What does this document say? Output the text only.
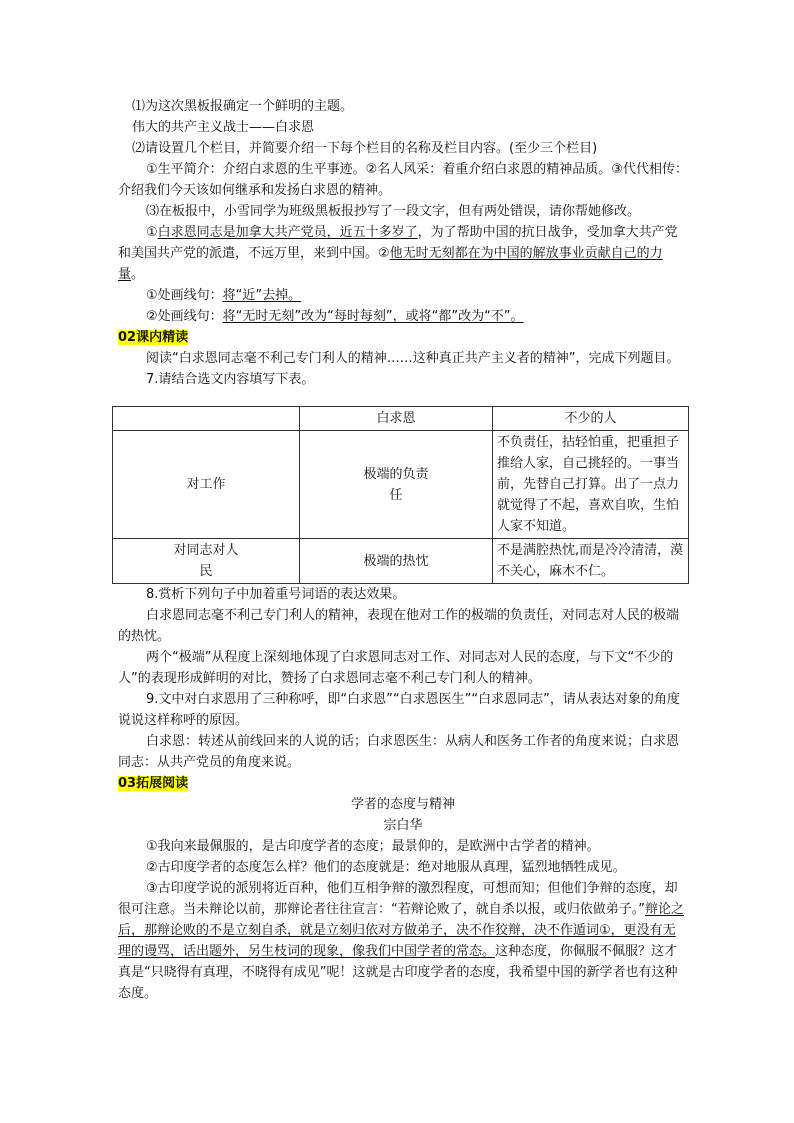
⑴为这次黑板报确定一个鲜明的主题。

伟大的共产主义战士——白求恩

⑵请设置几个栏目，并简要介绍一下每个栏目的名称及栏目内容。(至少三个栏目)

①生平简介：介绍白求恩的生平事迹。②名人风采：着重介绍白求恩的精神品质。③代代相传：介绍我们今天该如何继承和发扬白求恩的精神。

⑶在板报中，小雪同学为班级黑板报抄写了一段文字，但有两处错误，请你帮她修改。

①白求恩同志是加拿大共产党员，近五十多岁了，为了帮助中国的抗日战争，受加拿大共产党和美国共产党的派遣，不远万里，来到中国。②他无时无刻都在为中国的解放事业贡献自己的力量。

①处画线句：将“近”去掉。

②处画线句：将“无时无刻”改为“每时每刻”，或将“都”改为“不”。

02课内精读

阅读“白求恩同志毫不利己专门利人的精神……这种真正共产主义者的精神”，完成下列题目。

7.请结合选文内容填写下表。

	白求恩	不少的人
对工作	极端的负责任	不负责任，拈轻怕重，把重担子推给人家，自己挑轻的。一事当前，先替自己打算。出了一点力就觉得了不起，喜欢自吹，生怕人家不知道。

对同志对人民	极端的热忱	不是满腔热忱,而是冷冷清清，漠不关心，麻木不仁。

8.赏析下列句子中加着重号词语的表达效果。

白求恩同志毫不利己专门利人的精神，表现在他对工作的极端的负责任，对同志对人民的极端的热忱。

两个“极端”从程度上深刻地体现了白求恩同志对工作、对同志对人民的态度，与下文“不少的人”的表现形成鲜明的对比，赞扬了白求恩同志毫不利己专门利人的精神。

9.文中对白求恩用了三种称呼，即“白求恩”“白求恩医生”“白求恩同志”，请从表达对象的角度说说这样称呼的原因。

白求恩：转述从前线回来的人说的话；白求恩医生：从病人和医务工作者的角度来说；白求恩同志：从共产党员的角度来说。

03拓展阅读

学者的态度与精神

宗白华

①我向来最佩服的，是古印度学者的态度；最景仰的，是欧洲中古学者的精神。

②古印度学者的态度怎么样？他们的态度就是：绝对地服从真理，猛烈地牺牲成见。

③古印度学说的派别将近百种，他们互相争辩的激烈程度，可想而知；但他们争辩的态度，却很可注意。当未辩论以前，那辩论者往往宣言：“若辩论败了，就自杀以报，或归依做弟子。”辩论之后，那辩论败的不是立刻自杀，就是立刻归依对方做弟子，决不作狡辩，决不作遁词①，更没有无理的谩骂，话出题外，另生枝词的现象，像我们中国学者的常态。这种态度，你佩服不佩服？这才真是“只晓得有真理，不晓得有成见”呢！这就是古印度学者的态度，我希望中国的新学者也有这种态度。
